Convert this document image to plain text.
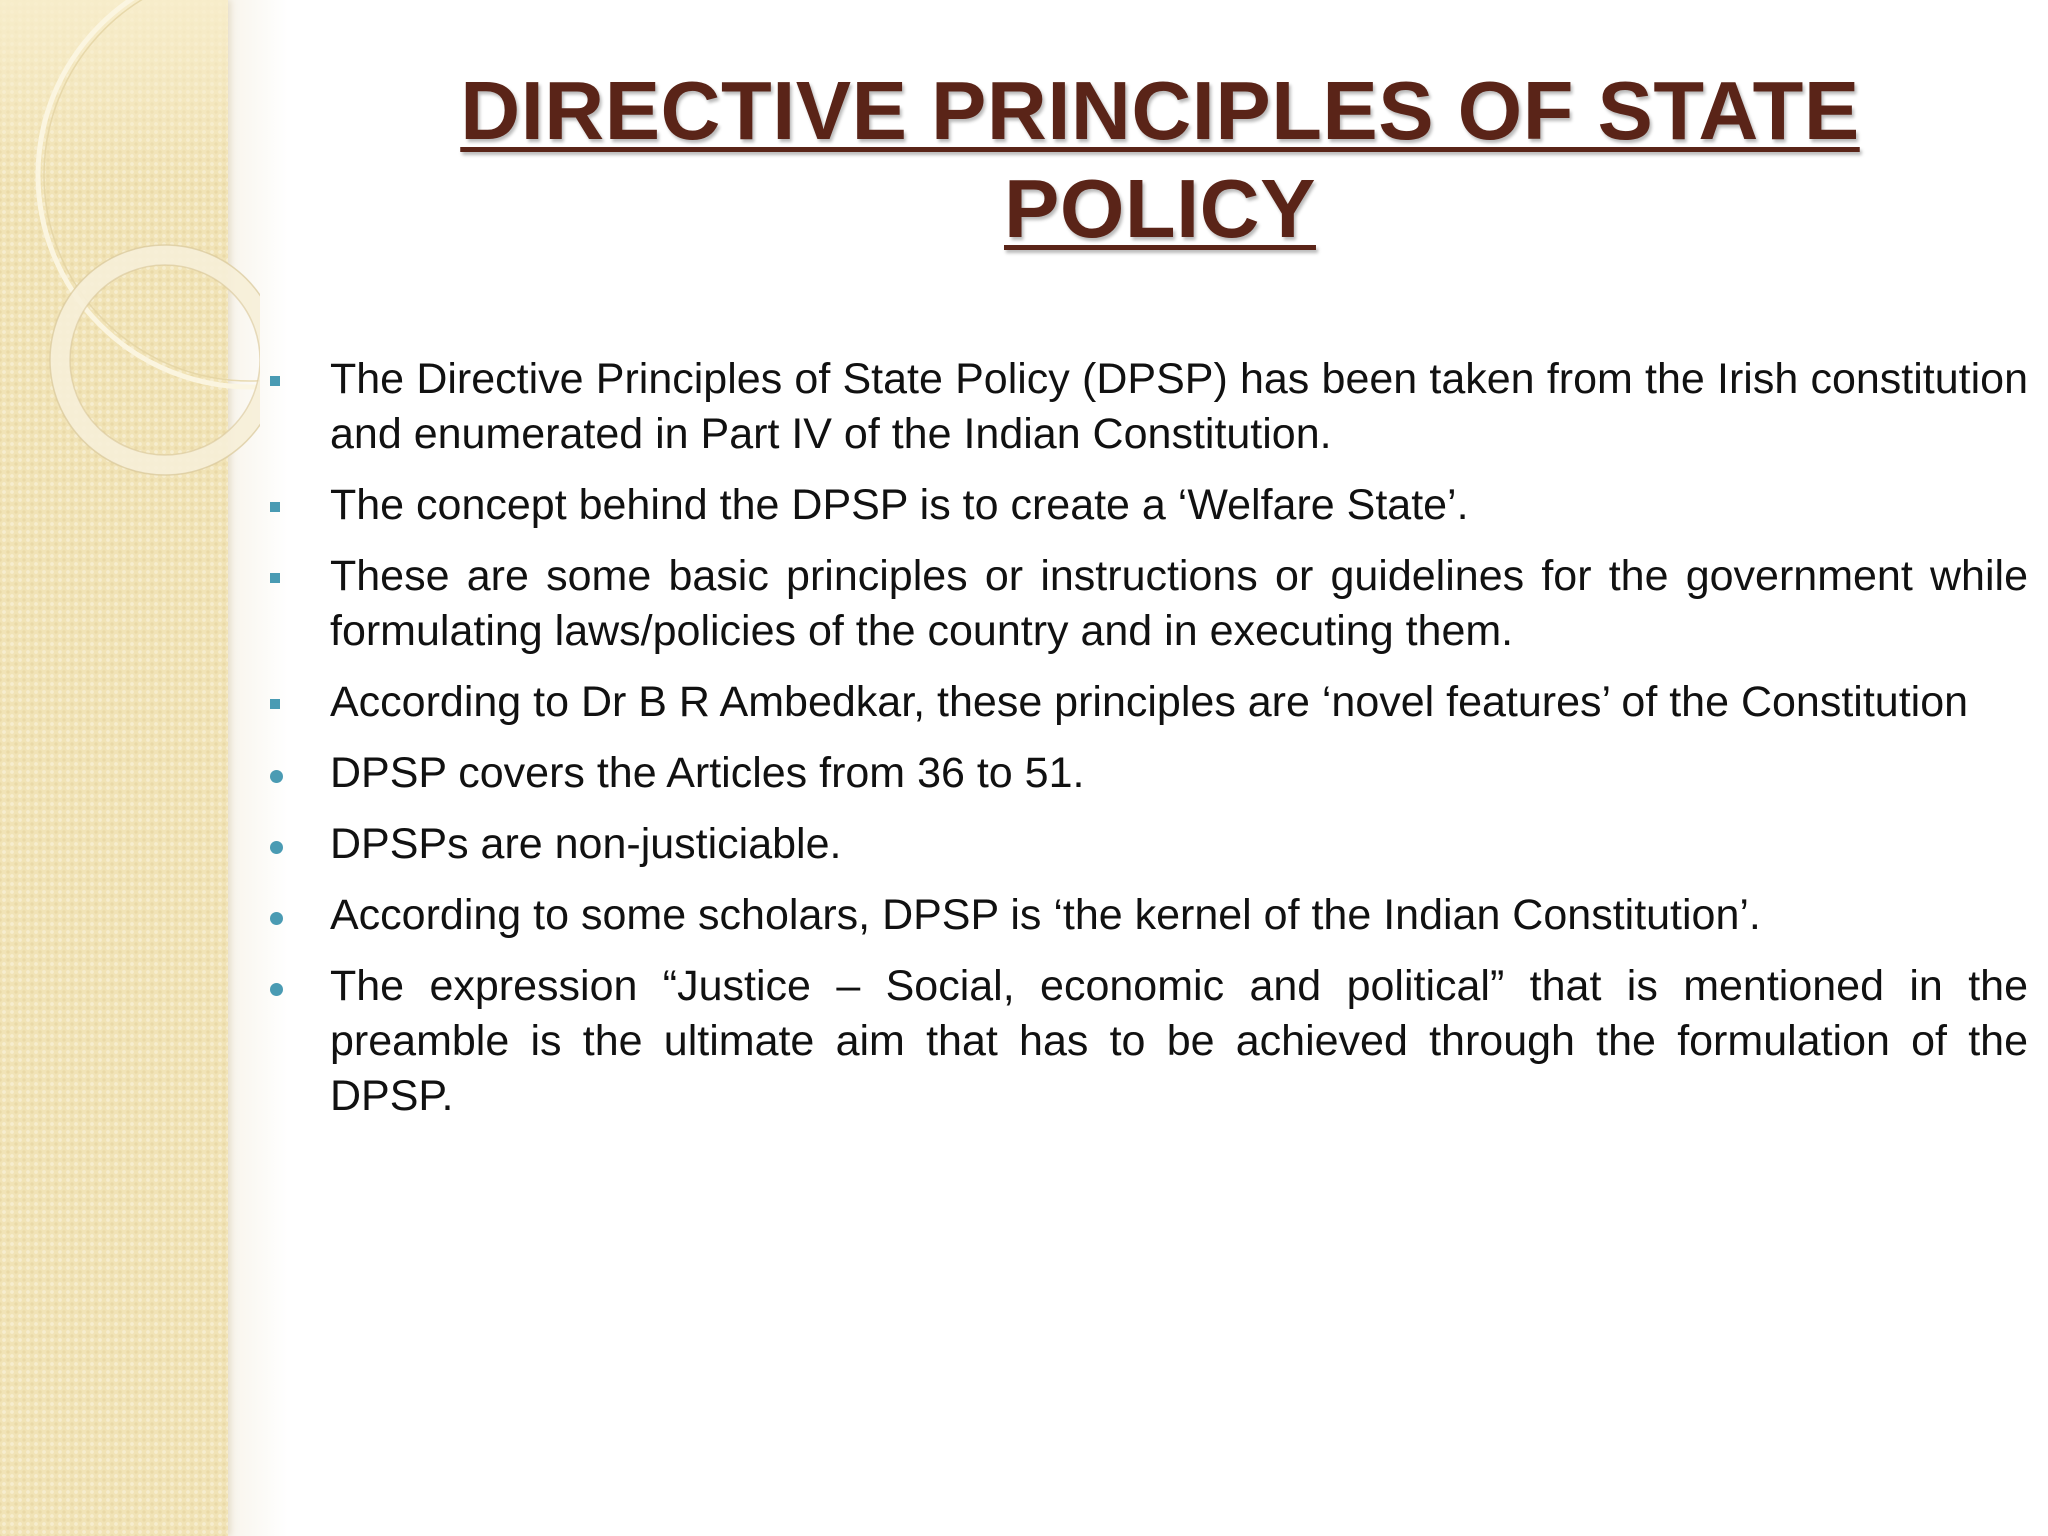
DIRECTIVE PRINCIPLES OF STATE POLICY
The Directive Principles of State Policy (DPSP) has been taken from the Irish constitution and enumerated in Part IV of the Indian Constitution.
The concept behind the DPSP is to create a ‘Welfare State’.
These are some basic principles or instructions or guidelines for the government while formulating laws/policies of the country and in executing them.
According to Dr B R Ambedkar, these principles are ‘novel features’ of the Constitution
DPSP covers the Articles from 36 to 51.
DPSPs are non-justiciable.
According to some scholars, DPSP is ‘the kernel of the Indian Constitution’.
The expression “Justice – Social, economic and political” that is mentioned in the preamble is the ultimate aim that has to be achieved through the formulation of the DPSP.
